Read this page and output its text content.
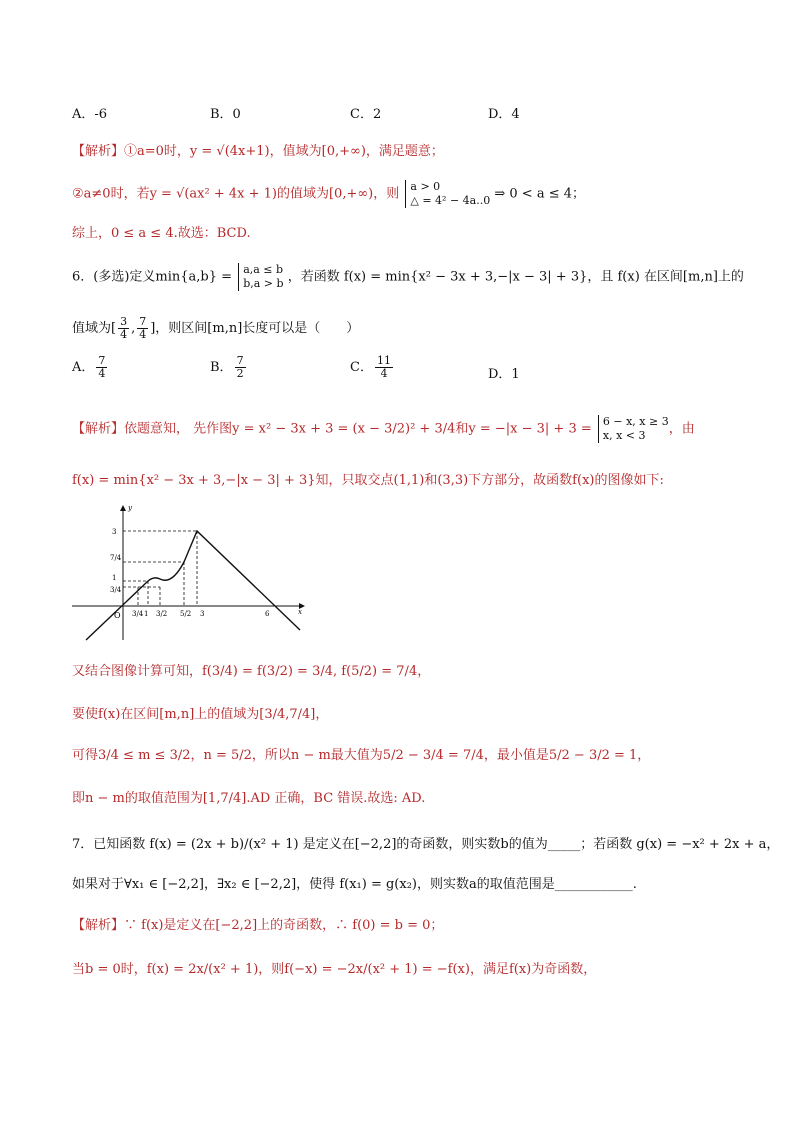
A．-6	B．0	C．2	D．4
【解析】①a=0时，y = √(4x+1)，值域为[0,+∞)，满足题意；
②a≠0时，若y = √(ax² + 4x + 1)的值域为[0,+∞)，则 a > 0
△ = 4² − 4a..0 ⇒ 0 < a ≤ 4；
综上，0 ≤ a ≤ 4.故选：BCD.
6．(多选)定义min{a,b} = a,a ≤ b
b,a > b ，若函数 f(x) = min{x² − 3x + 3,−|x − 3| + 3}，且 f(x) 在区间[m,n]上的
值域为[ $\frac{3}{4}$ , $\frac{7}{4}$ ]，则区间[m,n]长度可以是（　　）
A． $\frac{7}{4}$	B． $\frac{7}{2}$	C． $\frac{11}{4}$	D．1
【解析】依题意知， 先作图y = x² − 3x + 3 = (x − 3/2)² + 3/4和y = −|x − 3| + 3 = 6 − x, x ≥ 3
x, x < 3	，由
f(x) = min{x² − 3x + 3,−|x − 3| + 3}知，只取交点(1,1)和(3,3)下方部分，故函数f(x)的图像如下:
y
x
O
3
7/4
1
3/4
3/4 1 3/2 5/2 3	6
又结合图像计算可知，f(3/4) = f(3/2) = 3/4, f(5/2) = 7/4，
要使f(x)在区间[m,n]上的值域为[3/4,7/4]，
可得3/4 ≤ m ≤ 3/2，n = 5/2，所以n − m最大值为5/2 − 3/4 = 7/4，最小值是5/2 − 3/2 = 1，
即n − m的取值范围为[1,7/4].AD 正确，BC 错误.故选: AD.
7．已知函数 f(x) = (2x + b)/(x² + 1) 是定义在[−2,2]的奇函数，则实数b的值为_____；若函数 g(x) = −x² + 2x + a，
如果对于∀x₁ ∈ [−2,2]，∃x₂ ∈ [−2,2]，使得 f(x₁) = g(x₂)，则实数a的取值范围是____________.
【解析】∵ f(x)是定义在[−2,2]上的奇函数，∴ f(0) = b = 0；
当b = 0时，f(x) = 2x/(x² + 1)，则f(−x) = −2x/(x² + 1) = −f(x)，满足f(x)为奇函数，
